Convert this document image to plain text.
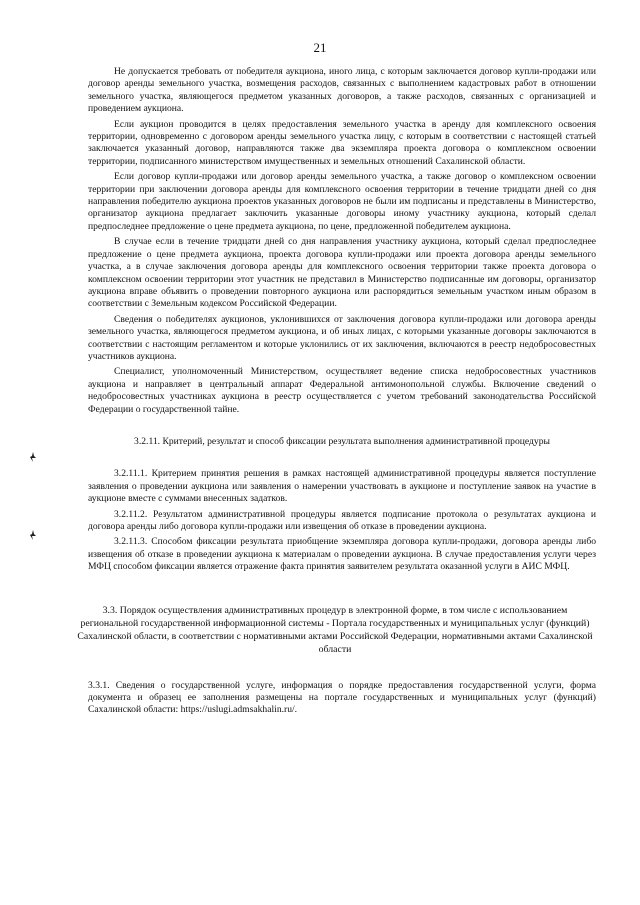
21

Не допускается требовать от победителя аукциона, иного лица, с которым заключается договор купли-продажи или договор аренды земельного участка, возмещения расходов, связанных с выполнением кадастровых работ в отношении земельного участка, являющегося предметом указанных договоров, а также расходов, связанных с организацией и проведением аукциона.

Если аукцион проводится в целях предоставления земельного участка в аренду для комплексного освоения территории, одновременно с договором аренды земельного участка лицу, с которым в соответствии с настоящей статьей заключается указанный договор, направляются также два экземпляра проекта договора о комплексном освоении территории, подписанного министерством имущественных и земельных отношений Сахалинской области.

Если договор купли-продажи или договор аренды земельного участка, а также договор о комплексном освоении территории при заключении договора аренды для комплексного освоения территории в течение тридцати дней со дня направления победителю аукциона проектов указанных договоров не были им подписаны и представлены в Министерство, организатор аукциона предлагает заключить указанные договоры иному участнику аукциона, который сделал предпоследнее предложение о цене предмета аукциона, по цене, предложенной победителем аукциона.

В случае если в течение тридцати дней со дня направления участнику аукциона, который сделал предпоследнее предложение о цене предмета аукциона, проекта договора купли-продажи или проекта договора аренды земельного участка, а в случае заключения договора аренды для комплексного освоения территории также проекта договора о комплексном освоении территории этот участник не представил в Министерство подписанные им договоры, организатор аукциона вправе объявить о проведении повторного аукциона или распорядиться земельным участком иным образом в соответствии с Земельным кодексом Российской Федерации.

Сведения о победителях аукционов, уклонившихся от заключения договора купли-продажи или договора аренды земельного участка, являющегося предметом аукциона, и об иных лицах, с которыми указанные договоры заключаются в соответствии с настоящим регламентом и которые уклонились от их заключения, включаются в реестр недобросовестных участников аукциона.

Специалист, уполномоченный Министерством, осуществляет ведение списка недобросовестных участников аукциона и направляет в центральный аппарат Федеральной антимонопольной службы. Включение сведений о недобросовестных участниках аукциона в реестр осуществляется с учетом требований законодательства Российской Федерации о государственной тайне.

3.2.11. Критерий, результат и способ фиксации результата выполнения административной процедуры

3.2.11.1. Критерием принятия решения в рамках настоящей административной процедуры является поступление заявления о проведении аукциона или заявления о намерении участвовать в аукционе и поступление заявок на участие в аукционе вместе с суммами внесенных задатков.

3.2.11.2. Результатом административной процедуры является подписание протокола о результатах аукциона и договора аренды либо договора купли-продажи или извещения об отказе в проведении аукциона.

3.2.11.3. Способом фиксации результата приобщение экземпляра договора купли-продажи, договора аренды либо извещения об отказе в проведении аукциона к материалам о проведении аукциона. В случае предоставления услуги через МФЦ способом фиксации является отражение факта принятия заявителем результата оказанной услуги в АИС МФЦ.

3.3. Порядок осуществления административных процедур в электронной форме, в том числе с использованием региональной государственной информационной системы - Портала государственных и муниципальных услуг (функций) Сахалинской области, в соответствии с нормативными актами Российской Федерации, нормативными актами Сахалинской области

3.3.1. Сведения о государственной услуге, информация о порядке предоставления государственной услуги, форма документа и образец ее заполнения размещены на портале государственных и муниципальных услуг (функций) Сахалинской области: https://uslugi.admsakhalin.ru/.
